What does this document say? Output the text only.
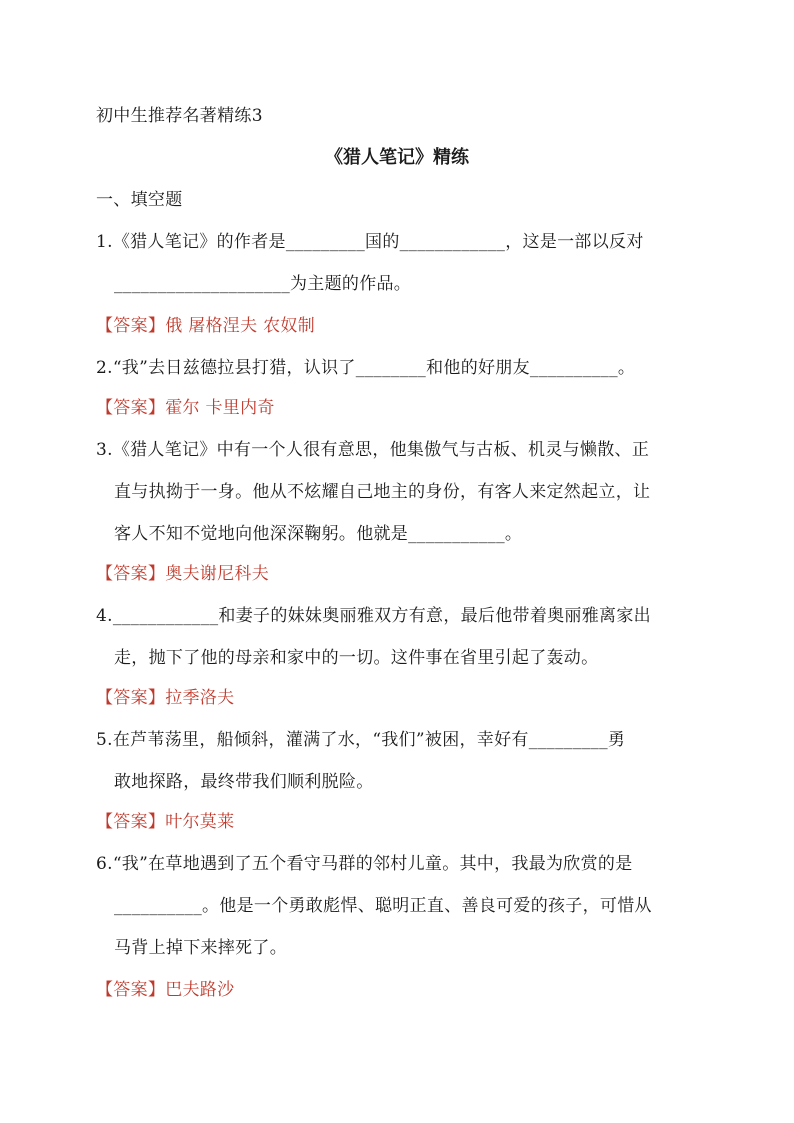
初中生推荐名著精练3
《猎人笔记》精练
一、填空题
1.《猎人笔记》的作者是_________国的____________，这是一部以反对
____________________为主题的作品。
【答案】俄 屠格涅夫 农奴制
2.“我”去日兹德拉县打猎，认识了________和他的好朋友__________。
【答案】霍尔 卡里内奇
3.《猎人笔记》中有一个人很有意思，他集傲气与古板、机灵与懒散、正
直与执拗于一身。他从不炫耀自己地主的身份，有客人来定然起立，让
客人不知不觉地向他深深鞠躬。他就是___________。
【答案】奥夫谢尼科夫
4.____________和妻子的妹妹奥丽雅双方有意，最后他带着奥丽雅离家出
走，抛下了他的母亲和家中的一切。这件事在省里引起了轰动。
【答案】拉季洛夫
5.在芦苇荡里，船倾斜，灌满了水，“我们”被困，幸好有_________勇
敢地探路，最终带我们顺利脱险。
【答案】叶尔莫莱
6.“我”在草地遇到了五个看守马群的邻村儿童。其中，我最为欣赏的是
__________。他是一个勇敢彪悍、聪明正直、善良可爱的孩子，可惜从
马背上掉下来摔死了。
【答案】巴夫路沙
